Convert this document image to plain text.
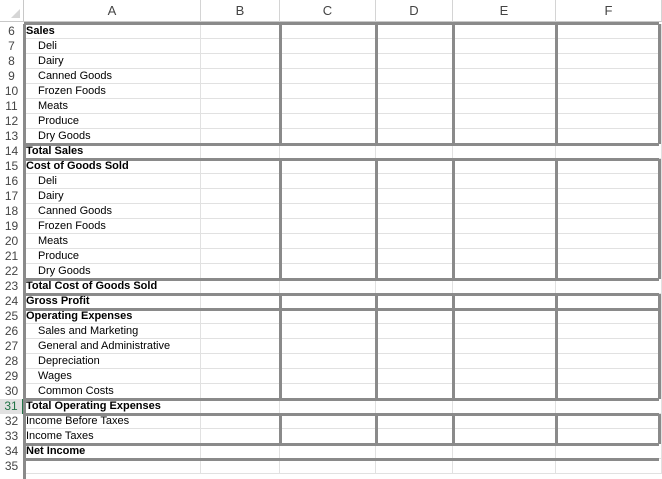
A	B	C	D	E	F
6	Sales
7	Deli
8	Dairy
9	Canned Goods
10	Frozen Foods
11	Meats
12	Produce
13	Dry Goods
14 Total Sales
15 Cost of Goods Sold
16	Deli
17	Dairy
18	Canned Goods
19	Frozen Foods
20	Meats
21	Produce
22	Dry Goods
23 Total Cost of Goods Sold
24 Gross Profit
25 Operating Expenses
26	Sales and Marketing
27	General and Administrative
28	Depreciation
29	Wages
30	Common Costs
31 Total Operating Expenses
32 Income Before Taxes
33 Income Taxes
34 Net Income
35
